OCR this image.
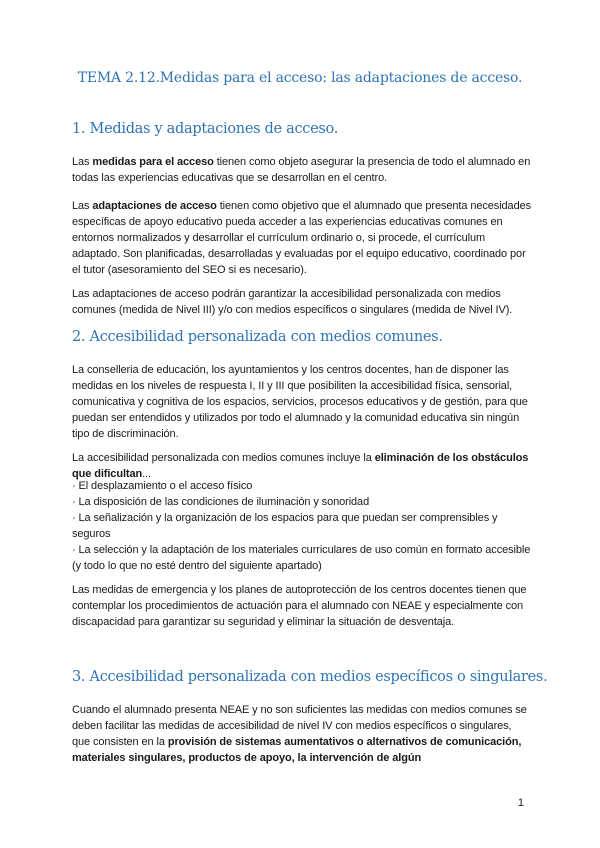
TEMA 2.12.Medidas para el acceso: las adaptaciones de acceso.
1. Medidas y adaptaciones de acceso.

Las medidas para el acceso tienen como objeto asegurar la presencia de todo el alumnado en todas las experiencias educativas que se desarrollan en el centro.

Las adaptaciones de acceso tienen como objetivo que el alumnado que presenta necesidades específicas de apoyo educativo pueda acceder a las experiencias educativas comunes en entornos normalizados y desarrollar el currículum ordinario o, si procede, el currículum adaptado. Son planificadas, desarrolladas y evaluadas por el equipo educativo, coordinado por el tutor (asesoramiento del SEO si es necesario).

Las adaptaciones de acceso podrán garantizar la accesibilidad personalizada con medios comunes (medida de Nivel III) y/o con medios específicos o singulares (medida de Nivel IV).

2. Accesibilidad personalizada con medios comunes.

La conselleria de educación, los ayuntamientos y los centros docentes, han de disponer las medidas en los niveles de respuesta I, II y III que posibiliten la accesibilidad física, sensorial, comunicativa y cognitiva de los espacios, servicios, procesos educativos y de gestión, para que puedan ser entendidos y utilizados por todo el alumnado y la comunidad educativa sin ningún tipo de discriminación.

La accesibilidad personalizada con medios comunes incluye la eliminación de los obstáculos que dificultan...

· El desplazamiento o el acceso físico
· La disposición de las condiciones de iluminación y sonoridad
· La señalización y la organización de los espacios para que puedan ser comprensibles y seguros
· La selección y la adaptación de los materiales curriculares de uso común en formato accesible (y todo lo que no esté dentro del siguiente apartado)

Las medidas de emergencia y los planes de autoprotección de los centros docentes tienen que contemplar los procedimientos de actuación para el alumnado con NEAE y especialmente con discapacidad para garantizar su seguridad y eliminar la situación de desventaja.

3. Accesibilidad personalizada con medios específicos o singulares.

Cuando el alumnado presenta NEAE y no son suficientes las medidas con medios comunes se deben facilitar las medidas de accesibilidad de nivel IV con medios específicos o singulares, que consisten en la provisión de sistemas aumentativos o alternativos de comunicación, materiales singulares, productos de apoyo, la intervención de algún

1
